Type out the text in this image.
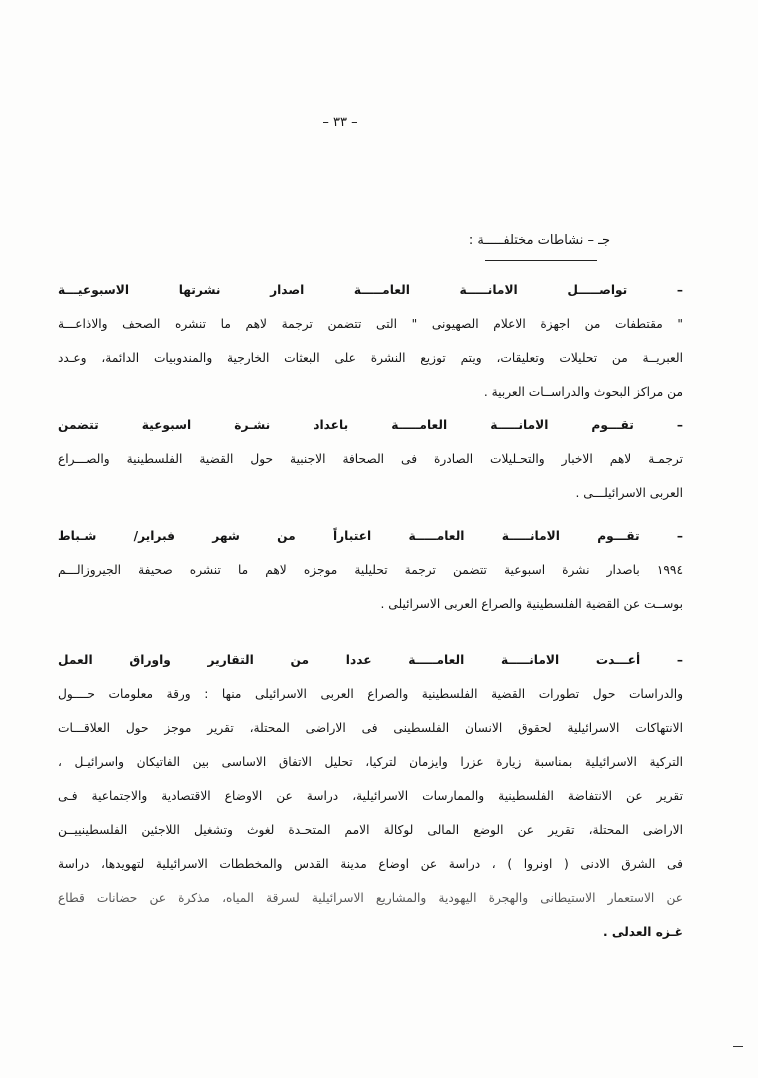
– ٣٣ –
جـ – نشاطات مختلفـــــة :
– تواصـــــل الامانـــــة العامـــــة اصدار نشرتها الاسبوعيـــة
" مقتطفات من اجهزة الاعلام الصهيونى " التى تتضمن ترجمة لاهم ما تنشره الصحف والاذاعـــة
العبريــة من تحليلات وتعليقات، ويتم توزيع النشرة على البعثات الخارجية والمندوبيات الدائمة، وعـدد
من مراكز البحوث والدراســات العربية .
– تقـــوم الامانـــــة العامـــــة باعداد نشـرة اسبوعية تتضمن
ترجمـة لاهم الاخبار والتحـليلات الصادرة فى الصحافة الاجنبية حول القضية الفلسطينية والصـــراع
العربى الاسرائيلـــى .
– تقـــوم الامانـــــة العامـــــة اعتباراً من شهر فبراير/ شـباط
١٩٩٤ باصدار نشرة اسبوعية تتضمن ترجمة تحليلية موجزه لاهم ما تنشره صحيفة الجيروزالـــم
بوســت عن القضية الفلسطينية والصراع العربى الاسرائيلى .
– أعـــدت الامانـــــة العامـــــة عددا من التقارير واوراق العمل
والدراسات حول تطورات القضية الفلسطينية والصراع العربى الاسرائيلى منها : ورقة معلومات حــــول
الانتهاكات الاسرائيلية لحقوق الانسان الفلسطينى فى الاراضى المحتلة، تقرير موجز حول العلاقـــات
التركية الاسرائيلية بمناسبة زيارة عزرا وايزمان لتركيا، تحليل الاتفاق الاساسى بين الفاتيكان واسرائيـل ،
تقرير عن الانتفاضة الفلسطينية والممارسات الاسرائيلية، دراسة عن الاوضاع الاقتصادية والاجتماعية فـى
الاراضى المحتلة، تقرير عن الوضع المالى لوكالة الامم المتحـدة لغوث وتشغيل اللاجئين الفلسطينييــن
فى الشرق الادنى ( اونروا ) ، دراسة عن اوضاع مدينة القدس والمخططات الاسرائيلية لتهويدها، دراسة
عن الاستعمار الاستيطانى والهجرة اليهودية والمشاريع الاسرائيلية لسرقة المياه، مذكرة عن حضانات قطاع
غـزه العدلى .
